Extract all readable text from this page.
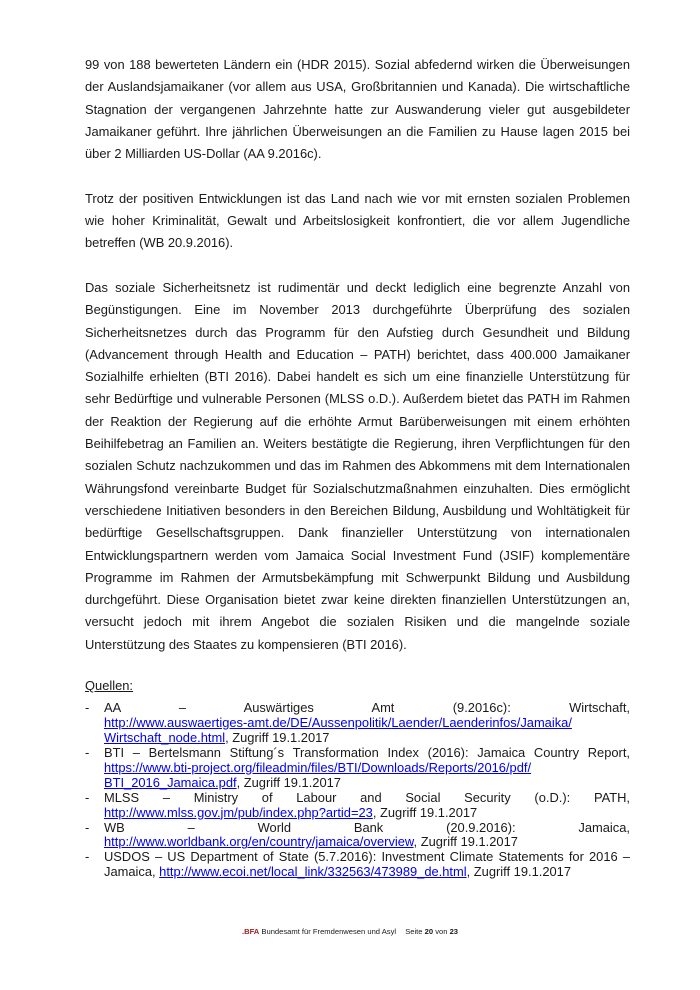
99 von 188 bewerteten Ländern ein (HDR 2015). Sozial abfedernd wirken die Überweisungen der Auslandsjamaikaner (vor allem aus USA, Großbritannien und Kanada). Die wirtschaftliche Stagnation der vergangenen Jahrzehnte hatte zur Auswanderung vieler gut ausgebildeter Jamaikaner geführt. Ihre jährlichen Überweisungen an die Familien zu Hause lagen 2015 bei über 2 Milliarden US-Dollar (AA 9.2016c).

Trotz der positiven Entwicklungen ist das Land nach wie vor mit ernsten sozialen Problemen wie hoher Kriminalität, Gewalt und Arbeitslosigkeit konfrontiert, die vor allem Jugendliche betreffen (WB 20.9.2016).

Das soziale Sicherheitsnetz ist rudimentär und deckt lediglich eine begrenzte Anzahl von Begünstigungen. Eine im November 2013 durchgeführte Überprüfung des sozialen Sicherheitsnetzes durch das Programm für den Aufstieg durch Gesundheit und Bildung (Advancement through Health and Education – PATH) berichtet, dass 400.000 Jamaikaner Sozialhilfe erhielten (BTI 2016). Dabei handelt es sich um eine finanzielle Unterstützung für sehr Bedürftige und vulnerable Personen (MLSS o.D.). Außerdem bietet das PATH im Rahmen der Reaktion der Regierung auf die erhöhte Armut Barüberweisungen mit einem erhöhten Beihilfebetrag an Familien an. Weiters bestätigte die Regierung, ihren Verpflichtungen für den sozialen Schutz nachzukommen und das im Rahmen des Abkommens mit dem Internationalen Währungsfond vereinbarte Budget für Sozialschutzmaßnahmen einzuhalten. Dies ermöglicht verschiedene Initiativen besonders in den Bereichen Bildung, Ausbildung und Wohltätigkeit für bedürftige Gesellschaftsgruppen. Dank finanzieller Unterstützung von internationalen Entwicklungspartnern werden vom Jamaica Social Investment Fund (JSIF) komplementäre Programme im Rahmen der Armutsbekämpfung mit Schwerpunkt Bildung und Ausbildung durchgeführt. Diese Organisation bietet zwar keine direkten finanziellen Unterstützungen an, versucht jedoch mit ihrem Angebot die sozialen Risiken und die mangelnde soziale Unterstützung des Staates zu kompensieren (BTI 2016).

Quellen:

- AA – Auswärtiges Amt (9.2016c): Wirtschaft, http://www.auswaertiges-amt.de/DE/Aussenpolitik/Laender/Laenderinfos/Jamaika/Wirtschaft_node.html, Zugriff 19.1.2017
- BTI – Bertelsmann Stiftung´s Transformation Index (2016): Jamaica Country Report, https://www.bti-project.org/fileadmin/files/BTI/Downloads/Reports/2016/pdf/BTI_2016_Jamaica.pdf, Zugriff 19.1.2017
- MLSS – Ministry of Labour and Social Security (o.D.): PATH, http://www.mlss.gov.jm/pub/index.php?artid=23, Zugriff 19.1.2017
- WB – World Bank (20.9.2016): Jamaica, http://www.worldbank.org/en/country/jamaica/overview, Zugriff 19.1.2017
- USDOS – US Department of State (5.7.2016): Investment Climate Statements for 2016 – Jamaica, http://www.ecoi.net/local_link/332563/473989_de.html, Zugriff 19.1.2017
.BFA Bundesamt für Fremdenwesen und Asyl Seite 20 von 23
